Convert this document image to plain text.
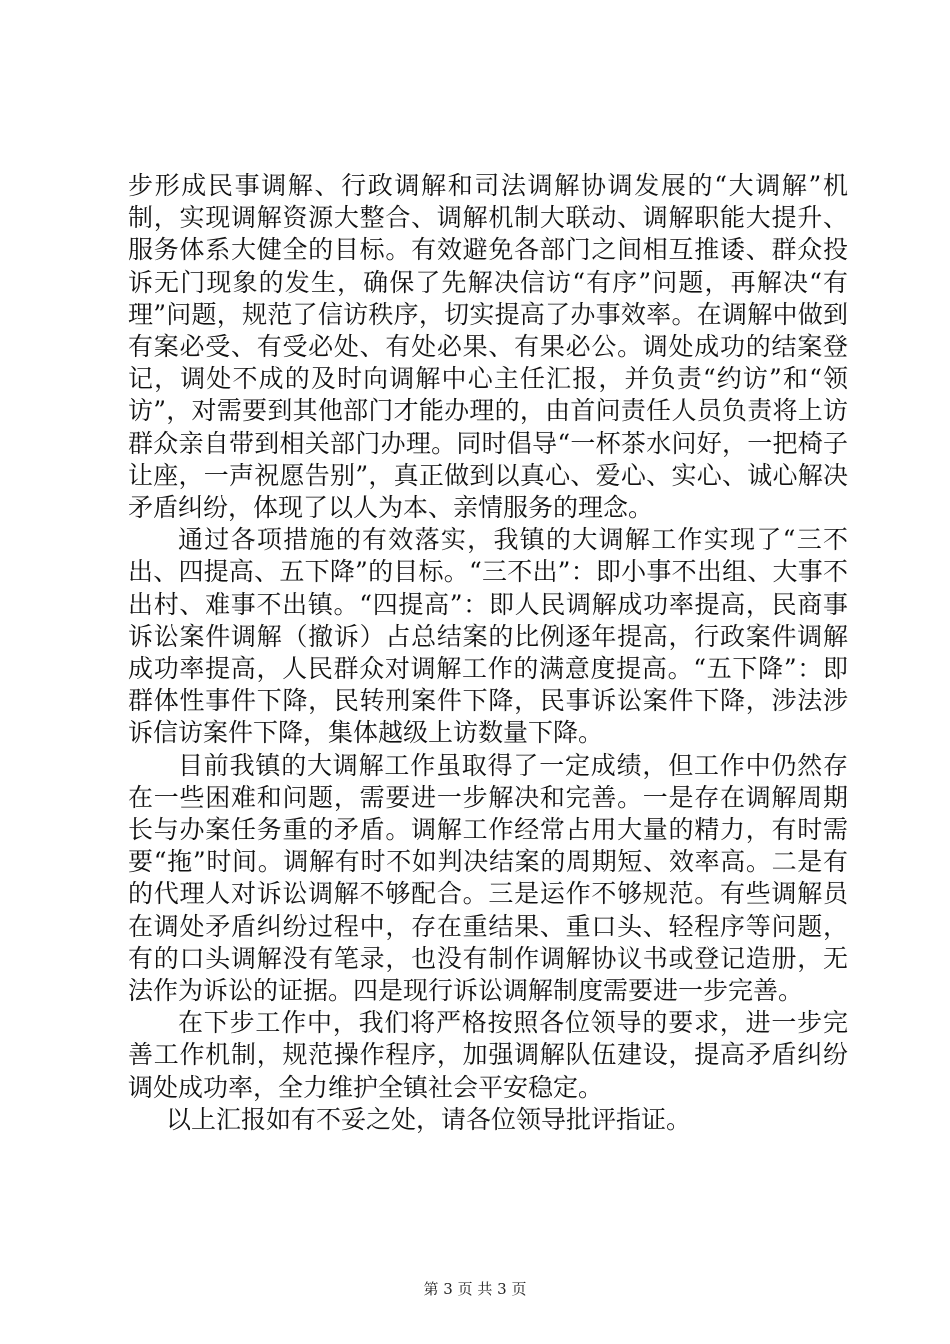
步形成民事调解、行政调解和司法调解协调发展的“大调解”机制，实现调解资源大整合、调解机制大联动、调解职能大提升、服务体系大健全的目标。有效避免各部门之间相互推诿、群众投诉无门现象的发生，确保了先解决信访“有序”问题，再解决“有理”问题，规范了信访秩序，切实提高了办事效率。在调解中做到有案必受、有受必处、有处必果、有果必公。调处成功的结案登记，调处不成的及时向调解中心主任汇报，并负责“约访”和“领访”，对需要到其他部门才能办理的，由首问责任人员负责将上访群众亲自带到相关部门办理。同时倡导“一杯茶水问好，一把椅子让座，一声祝愿告别”，真正做到以真心、爱心、实心、诚心解决矛盾纠纷，体现了以人为本、亲情服务的理念。

通过各项措施的有效落实，我镇的大调解工作实现了“三不出、四提高、五下降”的目标。“三不出”：即小事不出组、大事不出村、难事不出镇。“四提高”：即人民调解成功率提高，民商事诉讼案件调解（撤诉）占总结案的比例逐年提高，行政案件调解成功率提高，人民群众对调解工作的满意度提高。“五下降”：即群体性事件下降，民转刑案件下降，民事诉讼案件下降，涉法涉诉信访案件下降，集体越级上访数量下降。

目前我镇的大调解工作虽取得了一定成绩，但工作中仍然存在一些困难和问题，需要进一步解决和完善。一是存在调解周期长与办案任务重的矛盾。调解工作经常占用大量的精力，有时需要“拖”时间。调解有时不如判决结案的周期短、效率高。二是有的代理人对诉讼调解不够配合。三是运作不够规范。有些调解员在调处矛盾纠纷过程中，存在重结果、重口头、轻程序等问题，有的口头调解没有笔录，也没有制作调解协议书或登记造册，无法作为诉讼的证据。四是现行诉讼调解制度需要进一步完善。

在下步工作中，我们将严格按照各位领导的要求，进一步完善工作机制，规范操作程序，加强调解队伍建设，提高矛盾纠纷调处成功率，全力维护全镇社会平安稳定。

以上汇报如有不妥之处，请各位领导批评指证。

第 3 页 共 3 页
